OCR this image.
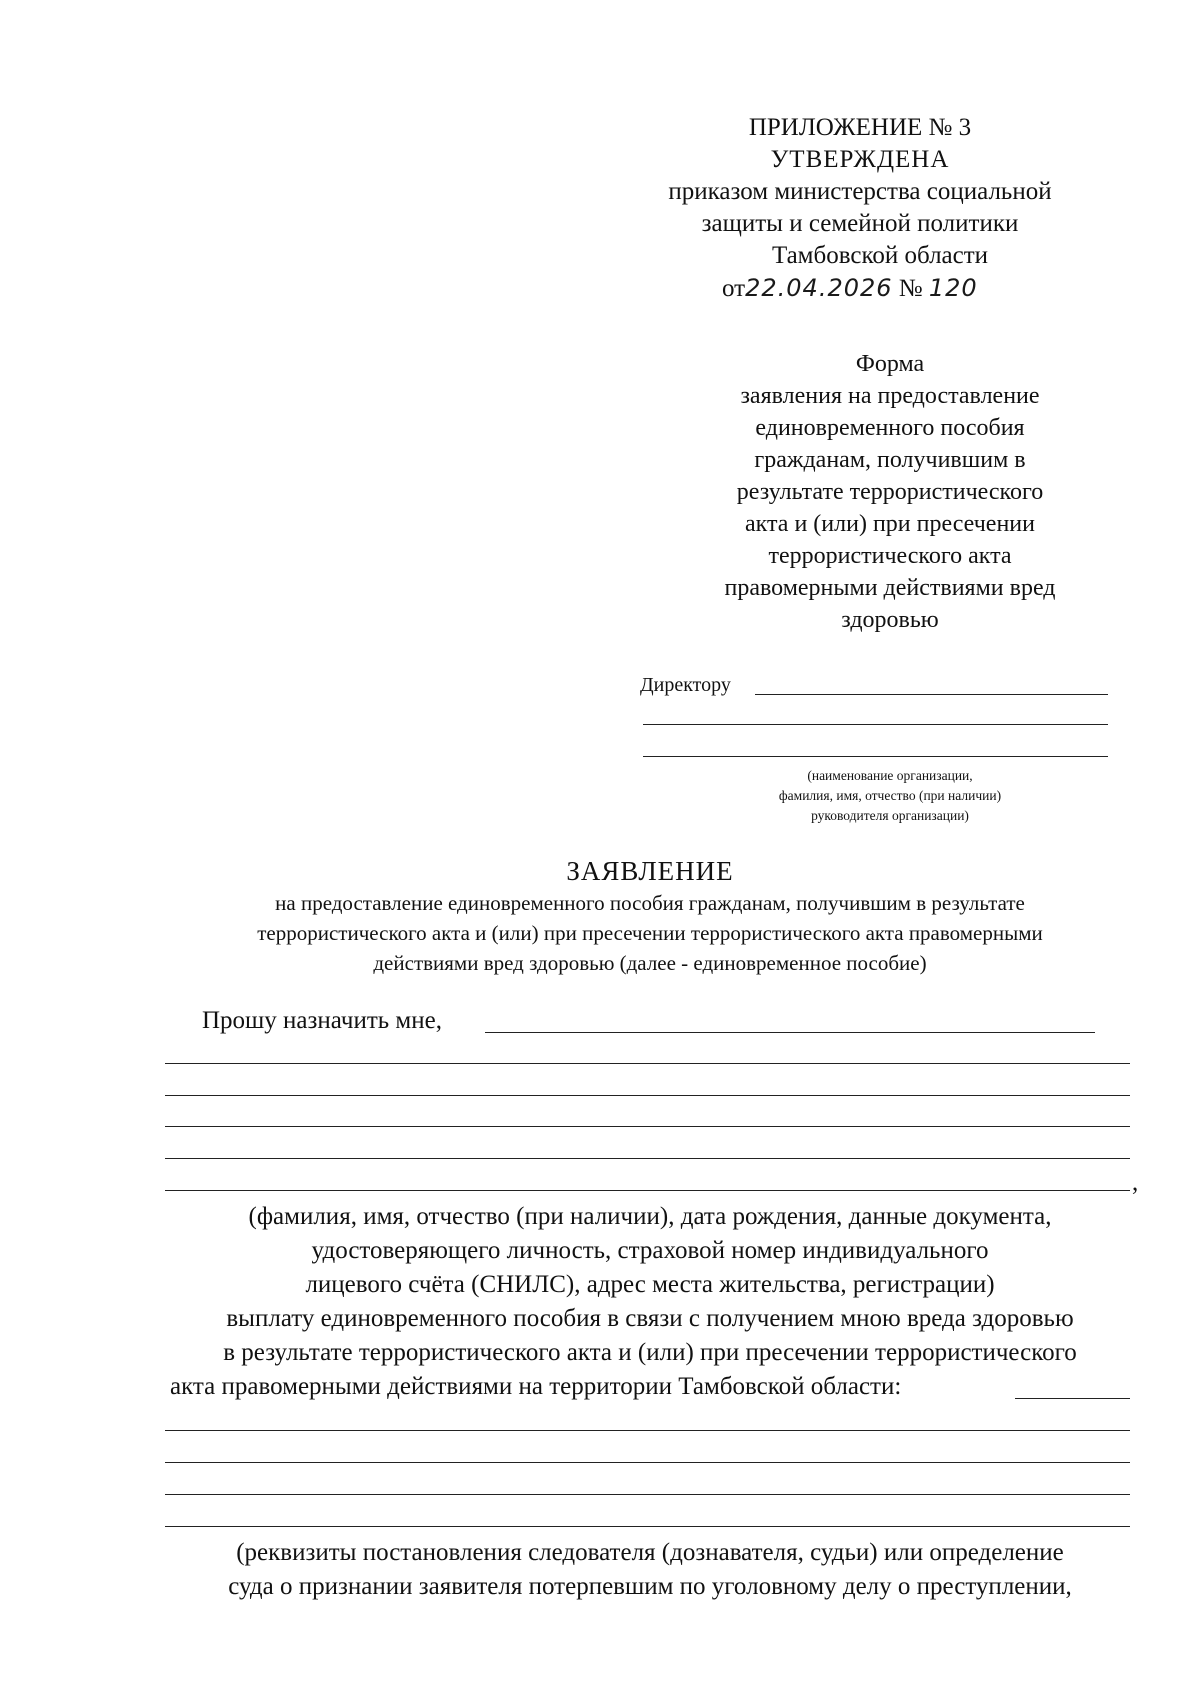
ПРИЛОЖЕНИЕ № 3
УТВЕРЖДЕНА
приказом министерства социальной
защиты и семейной политики
Тамбовской области
от22.04.2026 № 120
Форма
заявления на предоставление
единовременного пособия
гражданам, получившим в
результате террористического
акта и (или) при пресечении
террористического акта
правомерными действиями вред
здоровью
Директору
(наименование организации,
фамилия, имя, отчество (при наличии)
руководителя организации)
ЗАЯВЛЕНИЕ
на предоставление единовременного пособия гражданам, получившим в результате
террористического акта и (или) при пресечении террористического акта правомерными
действиями вред здоровью (далее - единовременное пособие)
Прошу назначить мне,
,
(фамилия, имя, отчество (при наличии), дата рождения, данные документа,
удостоверяющего личность, страховой номер индивидуального
лицевого счёта (СНИЛС), адрес места жительства, регистрации)
выплату единовременного пособия в связи с получением мною вреда здоровью
в результате террористического акта и (или) при пресечении террористического
акта правомерными действиями на территории Тамбовской области:
(реквизиты постановления следователя (дознавателя, судьи) или определение
суда о признании заявителя потерпевшим по уголовному делу о преступлении,
